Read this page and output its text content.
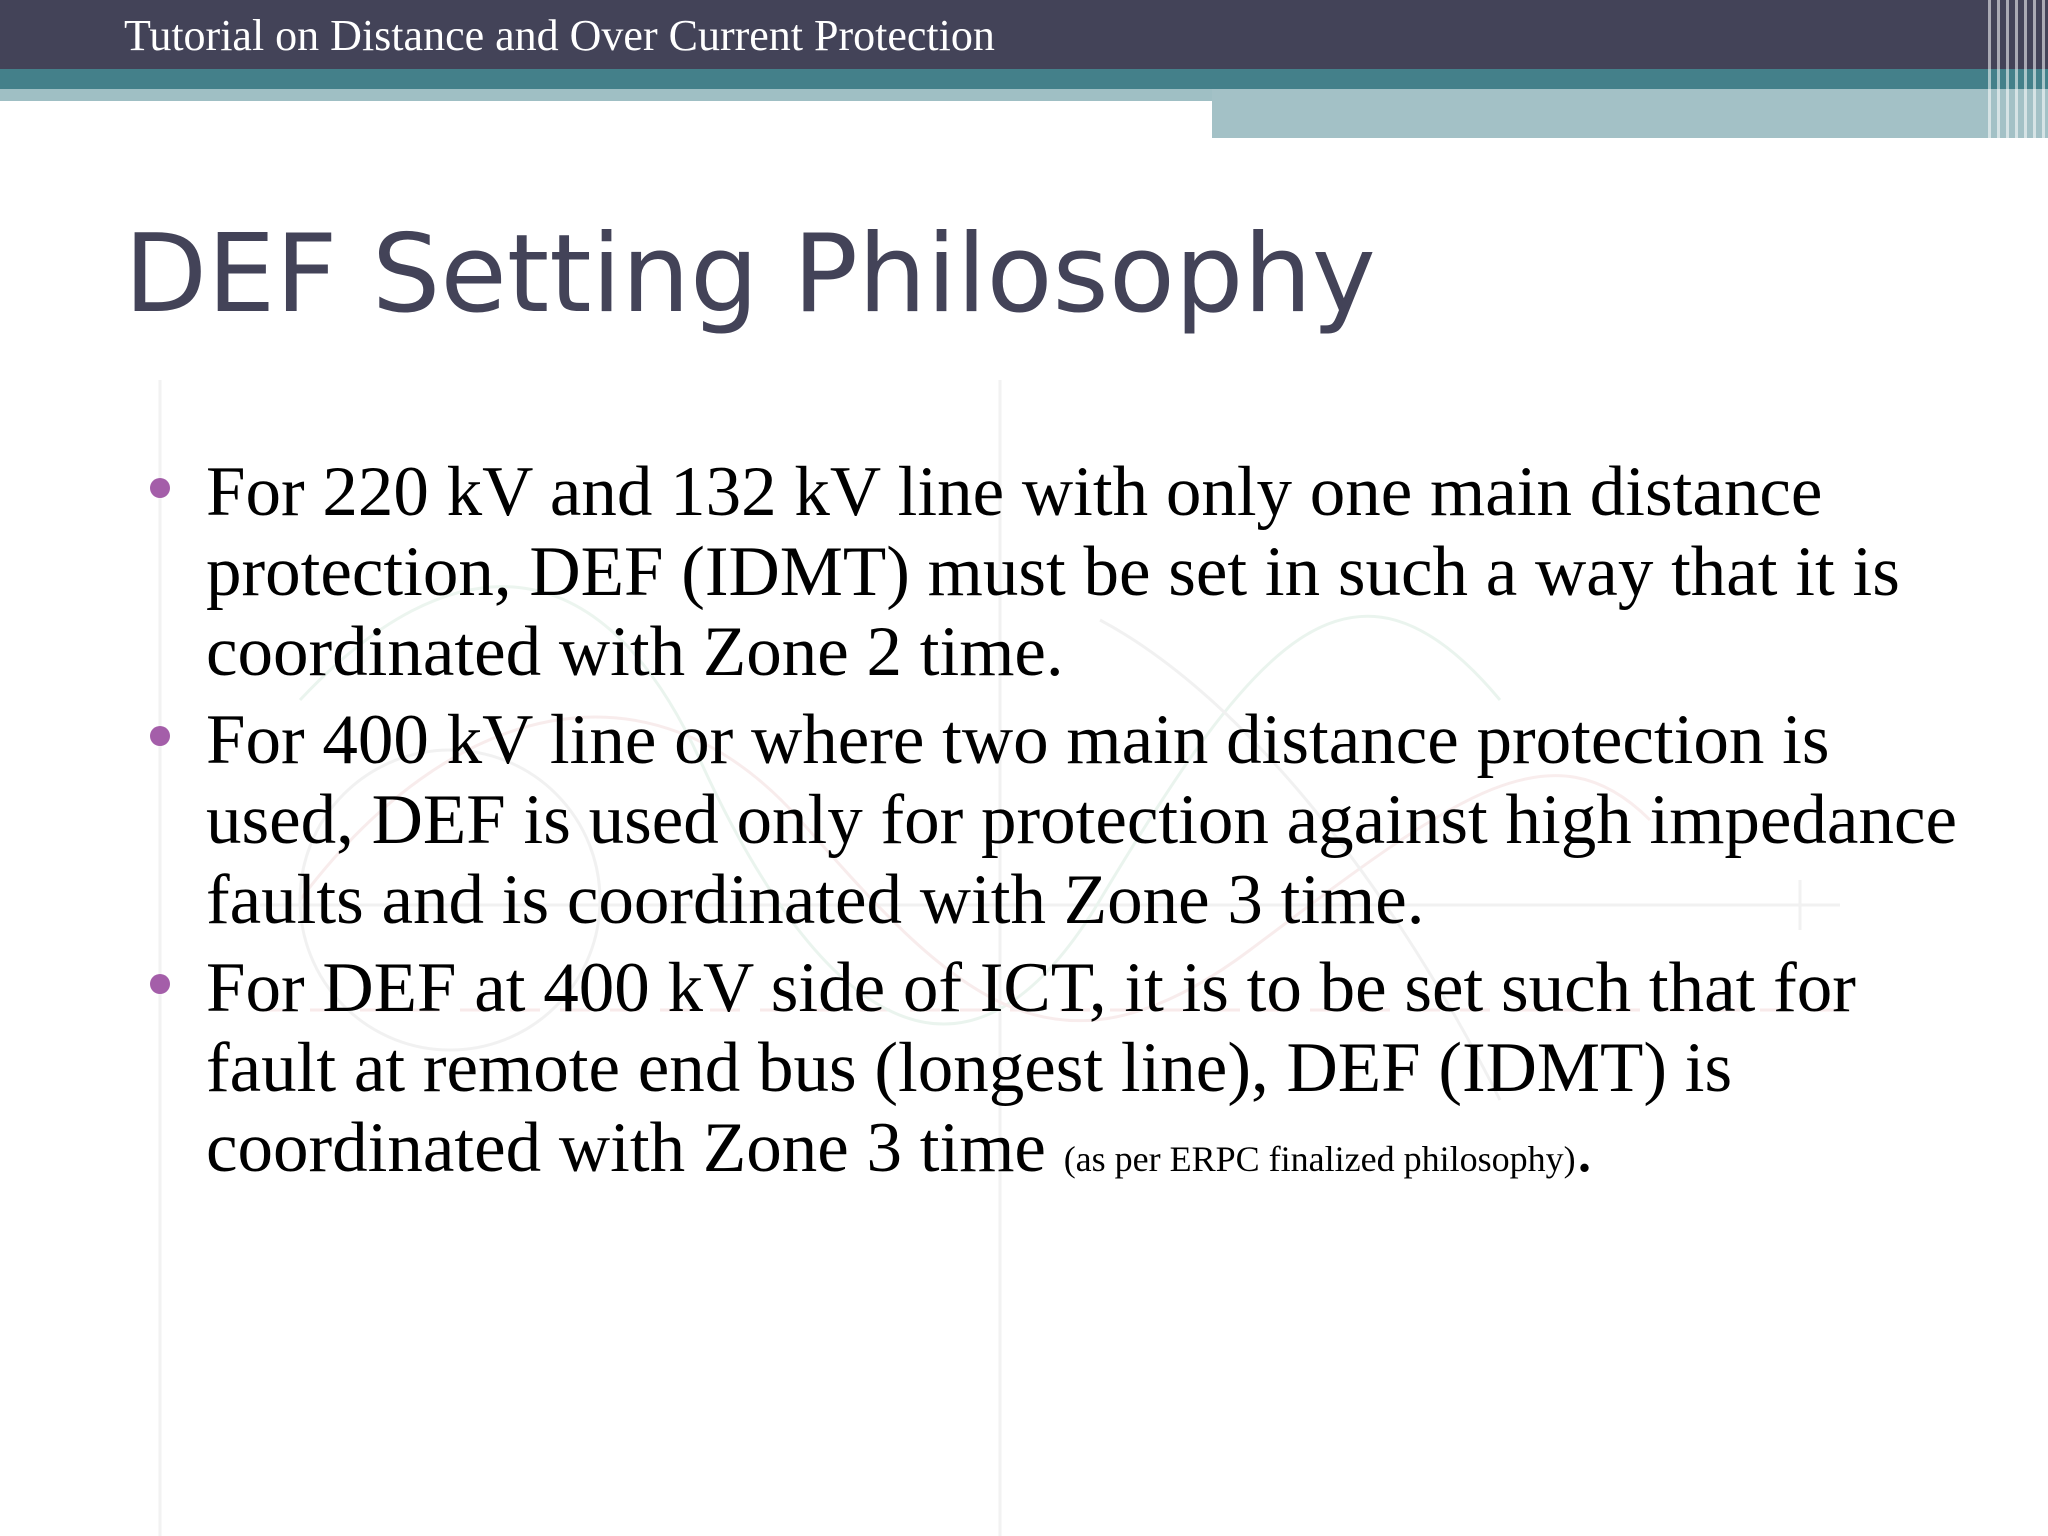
Tutorial on Distance and Over Current Protection
DEF Setting Philosophy
For 220 kV and 132 kV line with only one main distance protection, DEF (IDMT) must be set in such a way that it is coordinated with Zone 2 time.
For 400 kV line or where two main distance protection is used, DEF is used only for protection against high impedance faults and is coordinated with Zone 3 time.
For DEF at 400 kV side of ICT, it is to be set such that for fault at remote end bus (longest line), DEF (IDMT) is coordinated with Zone 3 time (as per ERPC finalized philosophy).
